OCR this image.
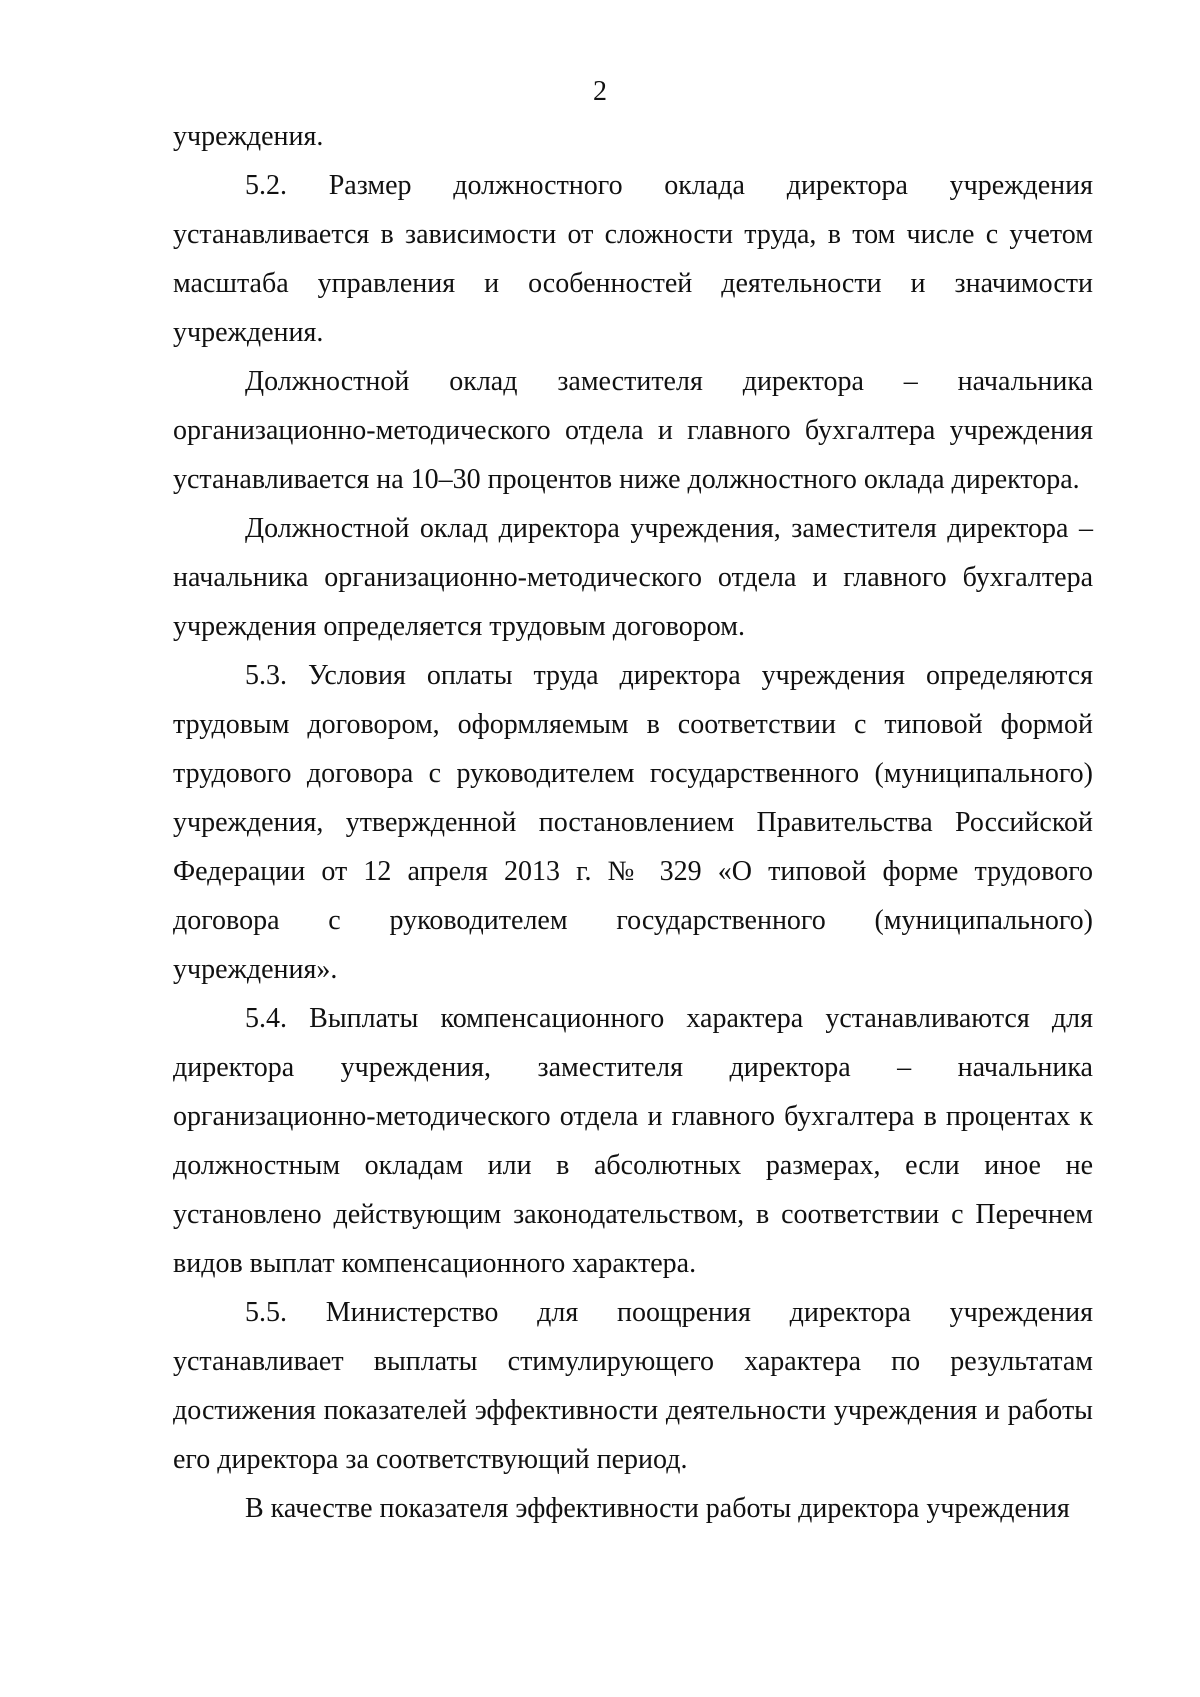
2

учреждения.

5.2. Размер должностного оклада директора учреждения устанавливается в зависимости от сложности труда, в том числе с учетом масштаба управления и особенностей деятельности и значимости учреждения.

Должностной оклад заместителя директора – начальника организационно-методического отдела и главного бухгалтера учреждения устанавливается на 10–30 процентов ниже должностного оклада директора.

Должностной оклад директора учреждения, заместителя директора – начальника организационно-методического отдела и главного бухгалтера учреждения определяется трудовым договором.

5.3. Условия оплаты труда директора учреждения определяются трудовым договором, оформляемым в соответствии с типовой формой трудового договора с руководителем государственного (муниципального) учреждения, утвержденной постановлением Правительства Российской Федерации от 12 апреля 2013 г. № 329 «О типовой форме трудового договора с руководителем государственного (муниципального) учреждения».

5.4. Выплаты компенсационного характера устанавливаются для директора учреждения, заместителя директора – начальника организационно-методического отдела и главного бухгалтера в процентах к должностным окладам или в абсолютных размерах, если иное не установлено действующим законодательством, в соответствии с Перечнем видов выплат компенсационного характера.

5.5. Министерство для поощрения директора учреждения устанавливает выплаты стимулирующего характера по результатам достижения показателей эффективности деятельности учреждения и работы его директора за соответствующий период.

В качестве показателя эффективности работы директора учреждения
